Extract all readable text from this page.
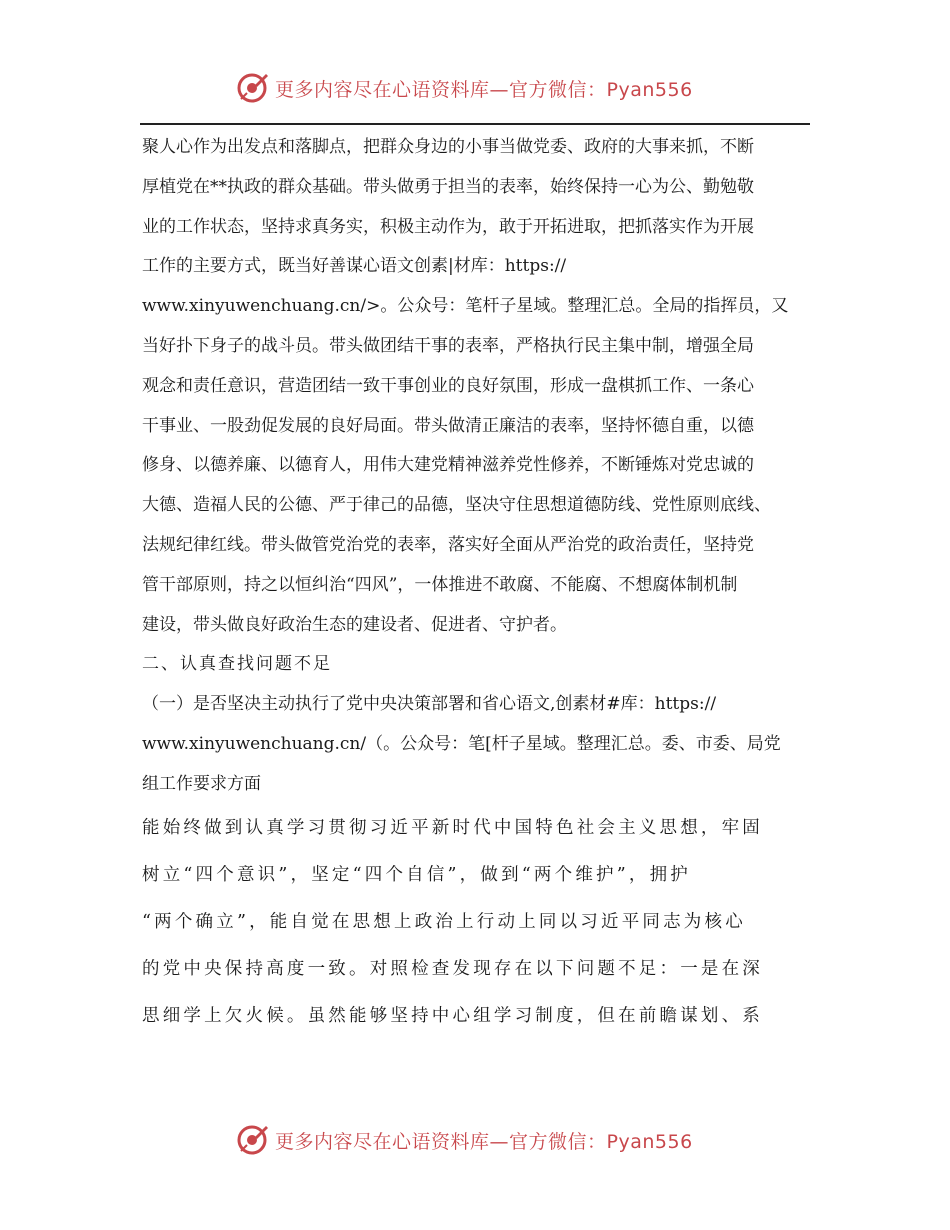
更多内容尽在心语资料库—官方微信：Pyan556
聚人心作为出发点和落脚点，把群众身边的小事当做党委、政府的大事来抓，不断
厚植党在**执政的群众基础。带头做勇于担当的表率，始终保持一心为公、勤勉敬
业的工作状态，坚持求真务实，积极主动作为，敢于开拓进取，把抓落实作为开展
工作的主要方式，既当好善谋心语文创素|材库：https://
www.xinyuwenchuang.cn/>。公众号：笔杆子星域。整理汇总。全局的指挥员，又
当好扑下身子的战斗员。带头做团结干事的表率，严格执行民主集中制，增强全局
观念和责任意识，营造团结一致干事创业的良好氛围，形成一盘棋抓工作、一条心
干事业、一股劲促发展的良好局面。带头做清正廉洁的表率，坚持怀德自重，以德
修身、以德养廉、以德育人，用伟大建党精神滋养党性修养，不断锤炼对党忠诚的
大德、造福人民的公德、严于律己的品德，坚决守住思想道德防线、党性原则底线、
法规纪律红线。带头做管党治党的表率，落实好全面从严治党的政治责任，坚持党
管干部原则，持之以恒纠治“四风”，一体推进不敢腐、不能腐、不想腐体制机制
建设，带头做良好政治生态的建设者、促进者、守护者。
二、认真查找问题不足
（一）是否坚决主动执行了党中央决策部署和省心语文,创素材#库：https://
www.xinyuwenchuang.cn/（。公众号：笔[杆子星域。整理汇总。委、市委、局党
组工作要求方面
能始终做到认真学习贯彻习近平新时代中国特色社会主义思想，牢固
树立“四个意识”，坚定“四个自信”，做到“两个维护”，拥护
“两个确立”，能自觉在思想上政治上行动上同以习近平同志为核心
的党中央保持高度一致。对照检查发现存在以下问题不足：一是在深
思细学上欠火候。虽然能够坚持中心组学习制度，但在前瞻谋划、系
更多内容尽在心语资料库—官方微信：Pyan556
